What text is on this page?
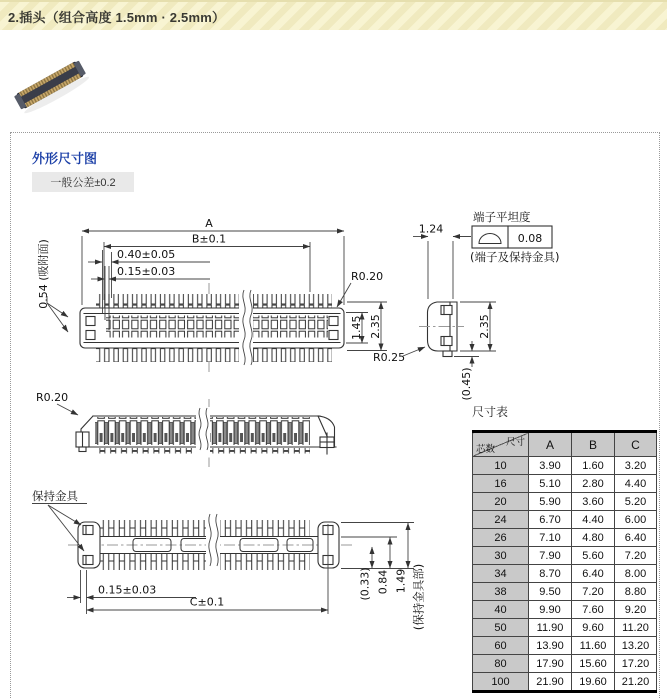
2.插头（组合高度 1.5mm · 2.5mm）
外形尺寸图
一般公差±0.2
A
B±0.1
0.40±0.05
0.15±0.03
0.54 (吸附面)	R0.20
1.45 2.35
端子平坦度
0.08
(端子及保持金具)
1.24
2.35
(0.45)
R0.25
R0.20
保持金具
0.15±0.03
C±0.1
(0.33) 0.84 1.49 (保持金具部)
尺寸表
尺寸
芯数	A	B	C
10	3.90	1.60	3.20
16	5.10	2.80	4.40
20	5.90	3.60	5.20
24	6.70	4.40	6.00
26	7.10	4.80	6.40
30	7.90	5.60	7.20
34	8.70	6.40	8.00
38	9.50	7.20	8.80
40	9.90	7.60	9.20
50	11.90	9.60	11.20
60	13.90	11.60	13.20
80	17.90	15.60	17.20
100	21.90	19.60	21.20
